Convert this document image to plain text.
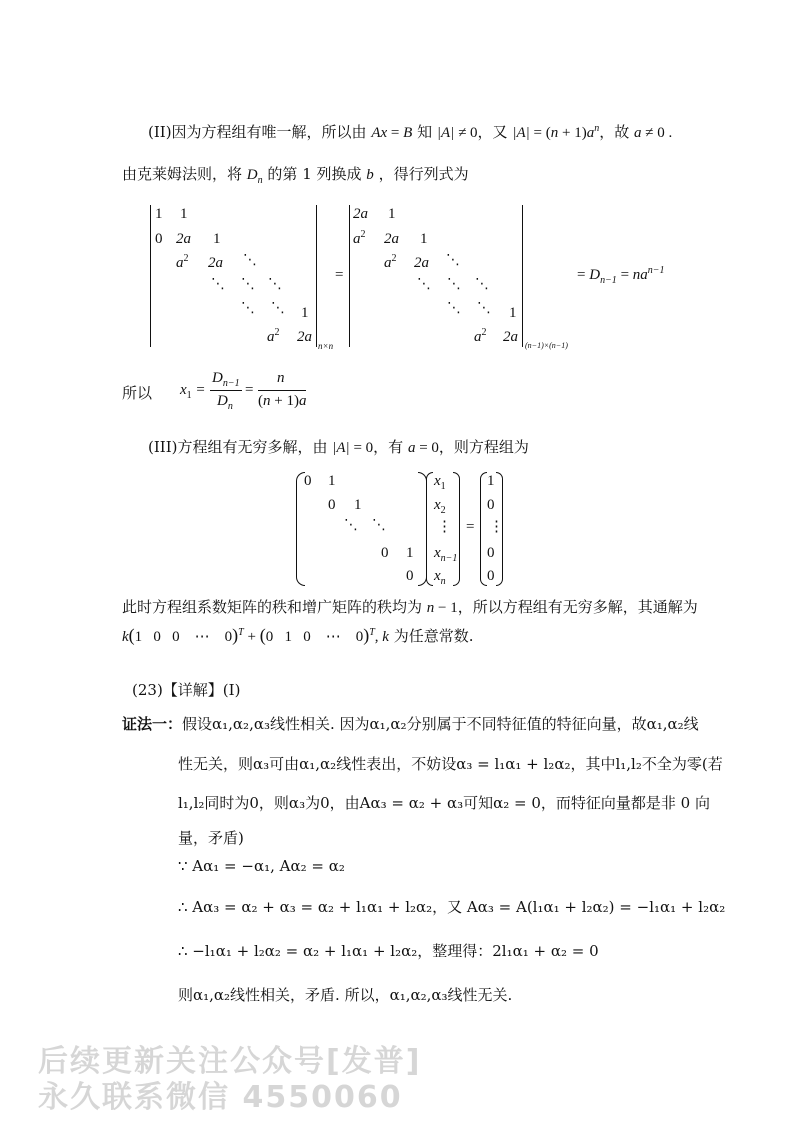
(II)因为方程组有唯一解，所以由 Ax = B 知 |A| ≠ 0，又 $|A| = (n + 1)a^n$，故 a ≠ 0 .
由克莱姆法则，将 $D_n$ 的第 1 列换成 b ，得行列式为
1 1
0 2a 1
$a^2$ 2a ⋱
⋱ ⋱ ⋱
⋱ ⋱ 1
$a^2$ 2a
n×n
=
2a 1
$a^2$ 2a 1
$a^2$ 2a ⋱
⋱ ⋱ ⋱
⋱ ⋱ 1
$a^2$ 2a
(n−1)×(n−1)
= $D_{n-1} = na^{n-1}$
所以 $x_1$ =
$D_{n-1}$
$D_n$
=
n
(n + 1)a
(III)方程组有无穷多解，由 |A| = 0，有 a = 0，则方程组为
0 1
0 1
⋱ ⋱
0 1
0
$x_1$
$x_2$
⋮
$x_{n-1}$
$x_n$
=
1
0
⋮
0
0
此时方程组系数矩阵的秩和增广矩阵的秩均为 n − 1，所以方程组有无穷多解，其通解为
k(1   0   0    ⋯    0)$^T$ + (0   1   0    ⋯    0)$^T$, k 为任意常数.
(23)【详解】(I)
证法一：假设α₁,α₂,α₃线性相关. 因为α₁,α₂分别属于不同特征值的特征向量，故α₁,α₂线
性无关，则α₃可由α₁,α₂线性表出，不妨设α₃ = l₁α₁ + l₂α₂，其中l₁,l₂不全为零(若
l₁,l₂同时为0，则α₃为0，由Aα₃ = α₂ + α₃可知α₂ = 0，而特征向量都是非 0 向
量，矛盾)
∵ Aα₁ = −α₁, Aα₂ = α₂
∴ Aα₃ = α₂ + α₃ = α₂ + l₁α₁ + l₂α₂，又 Aα₃ = A(l₁α₁ + l₂α₂) = −l₁α₁ + l₂α₂
∴ −l₁α₁ + l₂α₂ = α₂ + l₁α₁ + l₂α₂，整理得：2l₁α₁ + α₂ = 0
则α₁,α₂线性相关，矛盾. 所以，α₁,α₂,α₃线性无关.
后续更新关注公众号[发普]
永久联系微信 4550060
